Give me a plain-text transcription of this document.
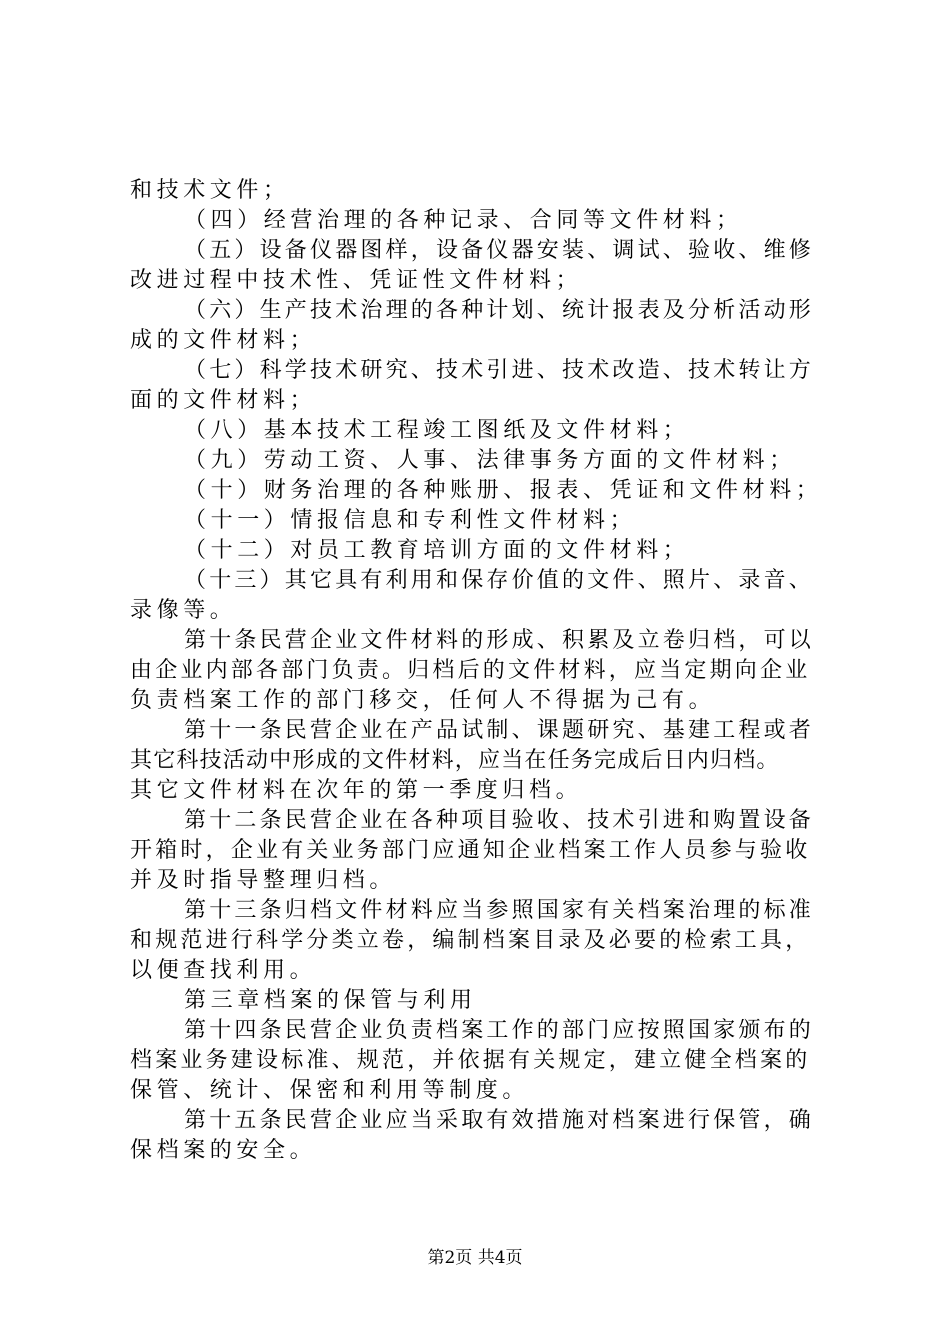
和技术文件；
（四）经营治理的各种记录、合同等文件材料；
（五）设备仪器图样，设备仪器安装、调试、验收、维修
改进过程中技术性、凭证性文件材料；
（六）生产技术治理的各种计划、统计报表及分析活动形
成的文件材料；
（七）科学技术研究、技术引进、技术改造、技术转让方
面的文件材料；
（八）基本技术工程竣工图纸及文件材料；
（九）劳动工资、人事、法律事务方面的文件材料；
（十）财务治理的各种账册、报表、凭证和文件材料；
（十一）情报信息和专利性文件材料；
（十二）对员工教育培训方面的文件材料；
（十三）其它具有利用和保存价值的文件、照片、录音、
录像等。
第十条民营企业文件材料的形成、积累及立卷归档，可以
由企业内部各部门负责。归档后的文件材料，应当定期向企业
负责档案工作的部门移交，任何人不得据为己有。
第十一条民营企业在产品试制、课题研究、基建工程或者
其它科技活动中形成的文件材料，应当在任务完成后日内归档。
其它文件材料在次年的第一季度归档。
第十二条民营企业在各种项目验收、技术引进和购置设备
开箱时，企业有关业务部门应通知企业档案工作人员参与验收
并及时指导整理归档。
第十三条归档文件材料应当参照国家有关档案治理的标准
和规范进行科学分类立卷，编制档案目录及必要的检索工具，
以便查找利用。
第三章档案的保管与利用
第十四条民营企业负责档案工作的部门应按照国家颁布的
档案业务建设标准、规范，并依据有关规定，建立健全档案的
保管、统计、保密和利用等制度。
第十五条民营企业应当采取有效措施对档案进行保管，确
保档案的安全。
第2页 共4页
